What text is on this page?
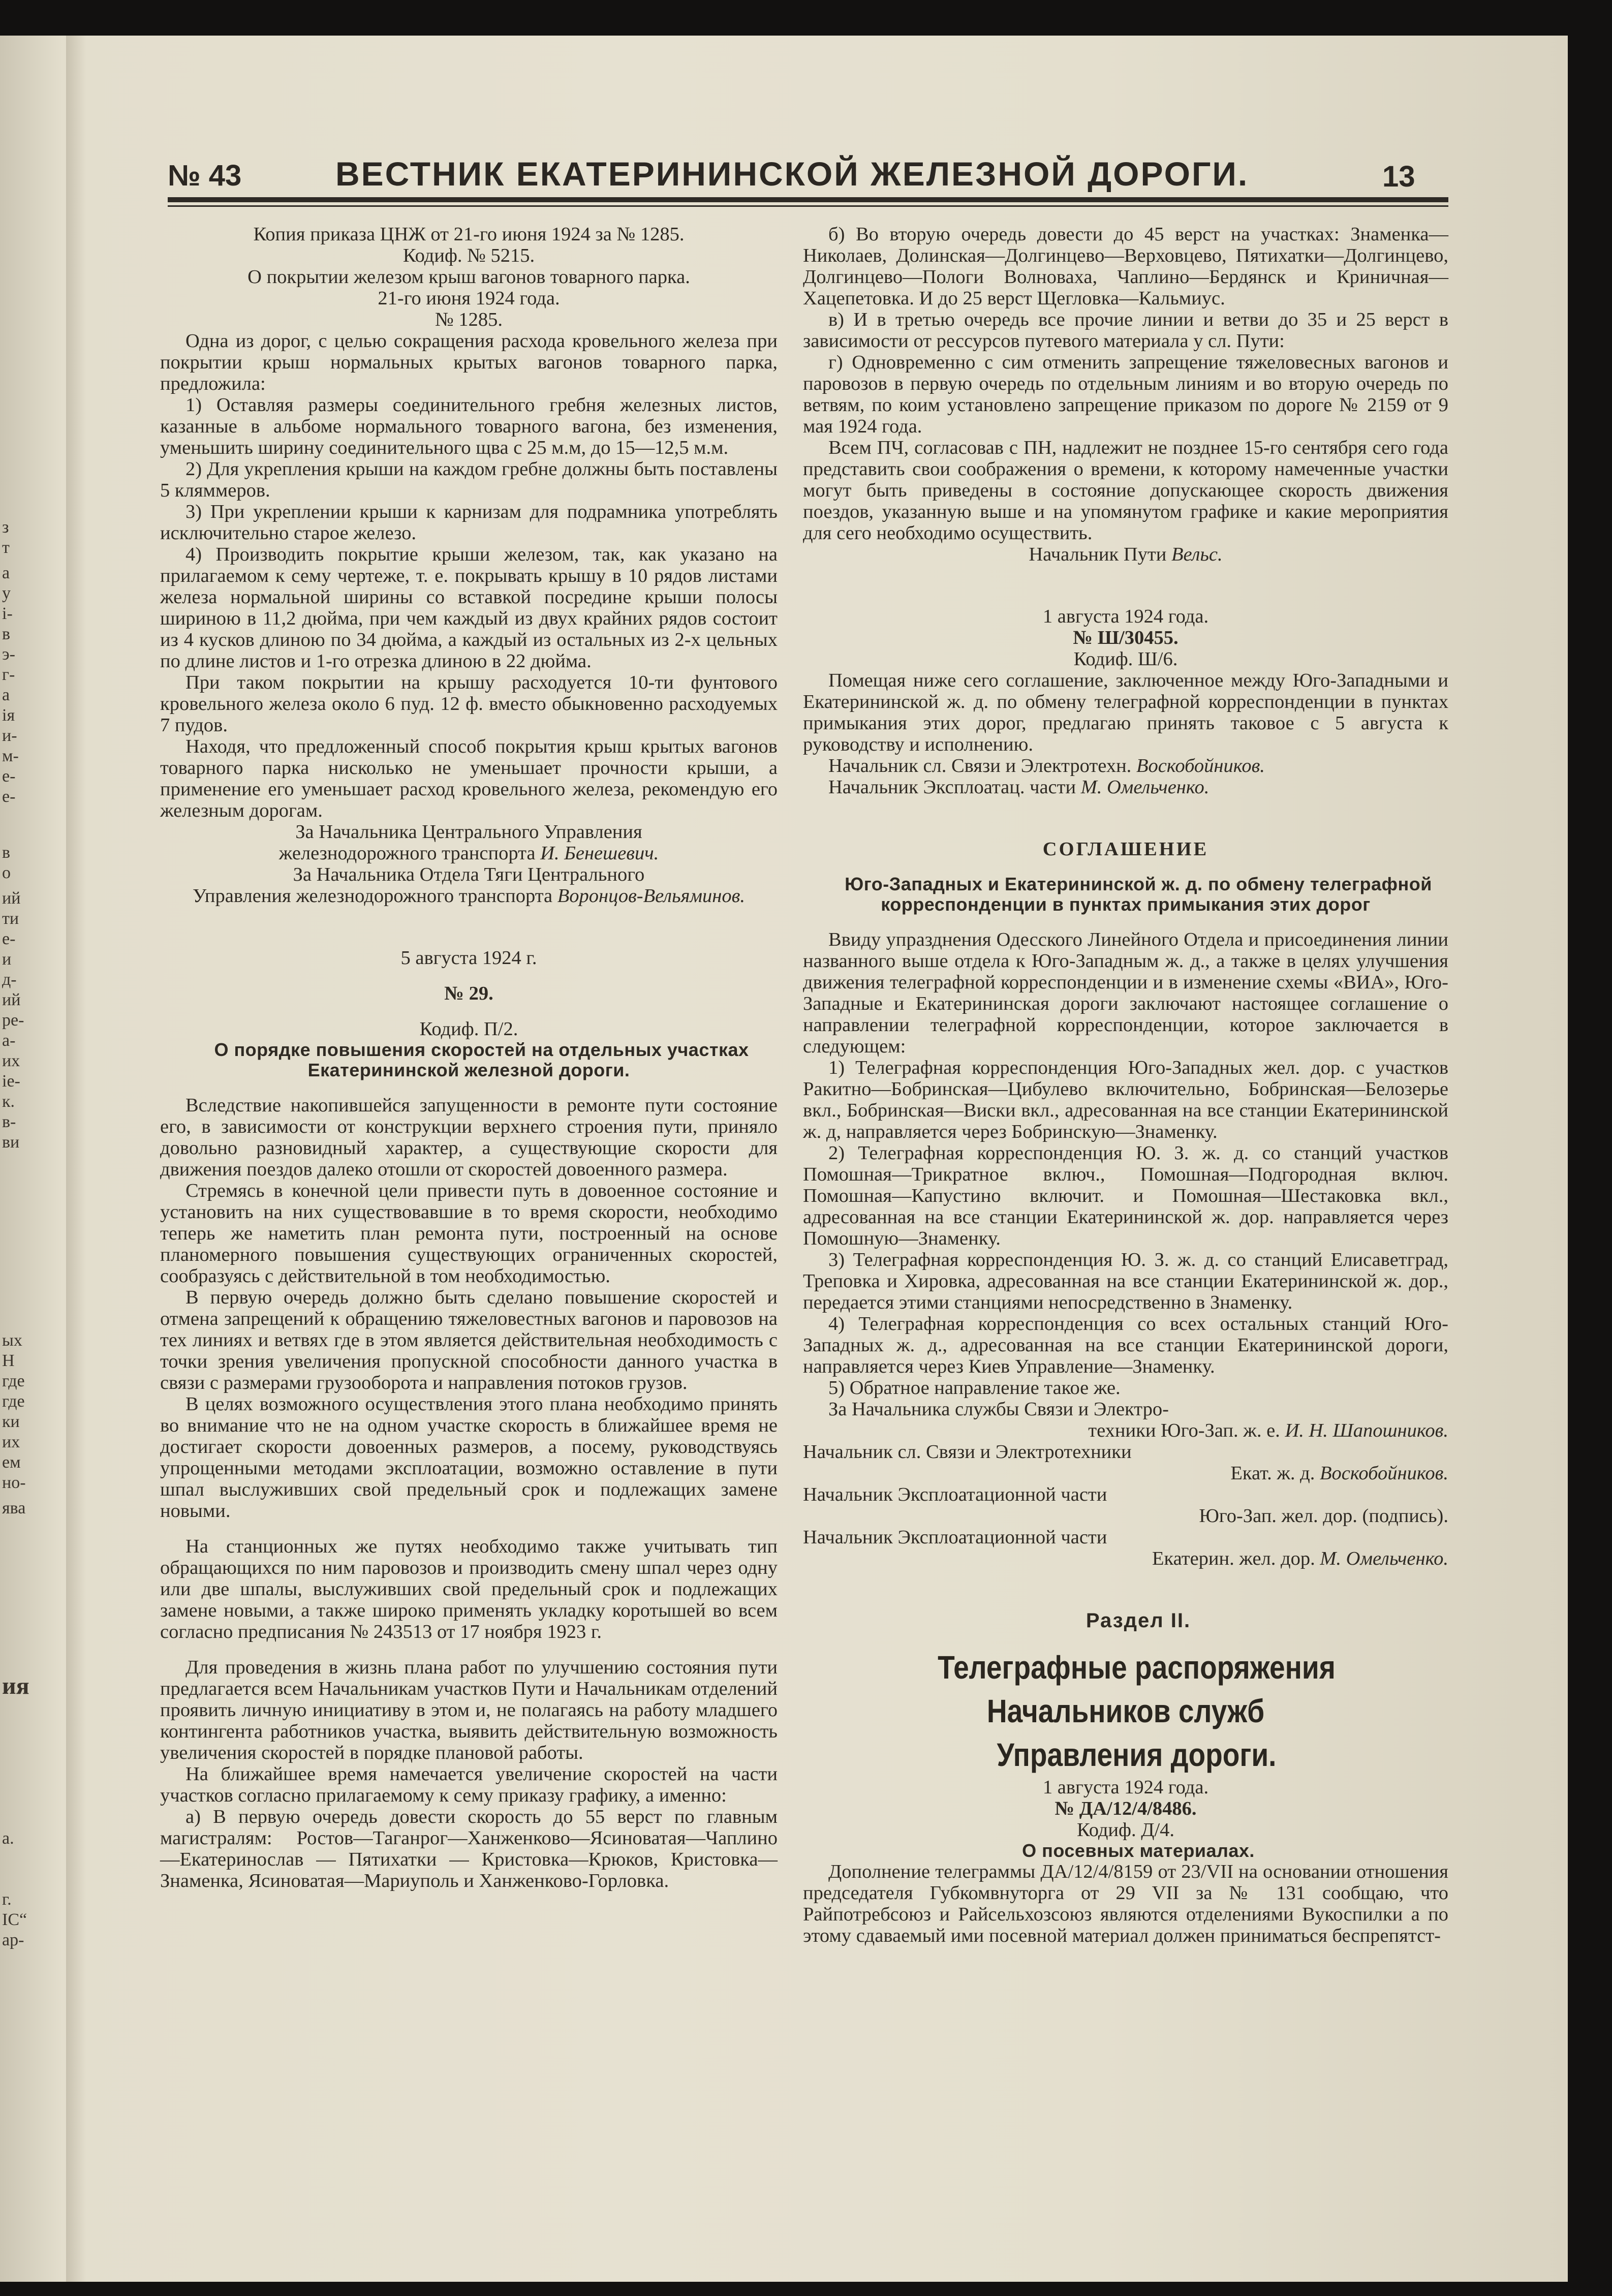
з
т
а
у
і-
в
э-
г-
а
ія
и-
м-
е-
е-
в
о
ий
ти
е-
и
д-
ий
ре-
а-
их
іе-
к.
в-
ви
ых
Н
где
где
ки
их
ем
но-
ява
ия
а.
г.
IС“
ар-
№ 43	ВЕСТНИК ЕКАТЕРИНИНСКОЙ ЖЕЛЕЗНОЙ ДОРОГИ.	13

Копия приказа ЦНЖ от 21-го июня 1924 за № 1285.

Кодиф. № 5215.

О покрытии железом крыш вагонов товарного парка.

21-го июня 1924 года.

№ 1285.

Одна из дорог, с целью сокращения расхода кровельного железа при покрытии крыш нормальных крытых вагонов товарного парка, предложила:

1) Оставляя размеры соединительного гребня железных листов, казанные в альбоме нормального товарного вагона, без изменения, уменьшить ширину соединительного щва с 25 м.м, до 15—12,5 м.м.

2) Для укрепления крыши на каждом гребне должны быть поставлены 5 кляммеров.

3) При укреплении крыши к карнизам для подрамника употреблять исключительно старое железо.

4) Производить покрытие крыши железом, так, как указано на прилагаемом к сему чертеже, т. е. покрывать крышу в 10 рядов листами железа нормальной ширины со вставкой посредине крыши полосы шириною в 11,2 дюйма, при чем каждый из двух крайних рядов состоит из 4 кусков длиною по 34 дюйма, а каждый из остальных из 2-х цельных по длине листов и 1-го отрезка длиною в 22 дюйма.

При таком покрытии на крышу расходуется 10-ти фунтового кровельного железа около 6 пуд. 12 ф. вместо обыкновенно расходуемых 7 пудов.

Находя, что предложенный способ покрытия крыш крытых вагонов товарного парка нисколько не уменьшает прочности крыши, а применение его уменьшает расход кровельного железа, рекомендую его железным дорогам.

За Начальника Центрального Управления

железнодорожного транспорта И. Бенешевич.

За Начальника Отдела Тяги Центрального

Управления железнодорожного транспорта Воронцов-Вельяминов.

5 августа 1924 г.

№ 29.

Кодиф. П/2.

О порядке повышения скоростей на отдельных участках Екатерининской железной дороги.

Вследствие накопившейся запущенности в ремонте пути состояние его, в зависимости от конструкции верхнего строения пути, приняло довольно разновидный характер, а существующие скорости для движения поездов далеко отошли от скоростей довоенного размера.

Стремясь в конечной цели привести путь в довоенное состояние и установить на них существовавшие в то время скорости, необходимо теперь же наметить план ремонта пути, построенный на основе планомерного повышения существующих ограниченных скоростей, сообразуясь с действительной в том необходимостью.

В первую очередь должно быть сделано повышение скоростей и отмена запрещений к обращению тяжеловестных вагонов и паровозов на тех линиях и ветвях где в этом является действительная необходимость с точки зрения увеличения пропускной способности данного участка в связи с размерами грузооборота и направления потоков грузов.

В целях возможного осуществления этого плана необходимо принять во внимание что не на одном участке скорость в ближайшее время не достигает скорости довоенных размеров, а посему, руководствуясь упрощенными методами эксплоатации, возможно оставление в пути шпал выслуживших свой предельный срок и подлежащих замене новыми.

На станционных же путях необходимо также учитывать тип обращающихся по ним паровозов и производить смену шпал через одну или две шпалы, выслуживших свой предельный срок и подлежащих замене новыми, а также широко применять укладку коротышей во всем согласно предписания № 243513 от 17 ноября 1923 г.

Для проведения в жизнь плана работ по улучшению состояния пути предлагается всем Начальникам участков Пути и Начальникам отделений проявить личную инициативу в этом и, не полагаясь на работу младшего контингента работников участка, выявить действительную возможность увеличения скоростей в порядке плановой работы.

На ближайшее время намечается увеличение скоростей на части участков согласно прилагаемому к сему приказу графику, а именно:

а) В первую очередь довести скорость до 55 верст по главным магистралям: Ростов—Таганрог—Ханженково—Ясиноватая—Чаплино—Екатеринослав — Пятихатки — Кристовка—Крюков, Кристовка—Знаменка, Ясиноватая—Мариуполь и Ханженково-Горловка.

б) Во вторую очередь довести до 45 верст на участках: Знаменка—Николаев, Долинская—Долгинцево—Верховцево, Пятихатки—Долгинцево, Долгинцево—Пологи Волноваха, Чаплино—Бердянск и Криничная—Хацепетовка. И до 25 верст Щегловка—Кальмиус.

в) И в третью очередь все прочие линии и ветви до 35 и 25 верст в зависимости от рессурсов путевого материала у сл. Пути:

г) Одновременно с сим отменить запрещение тяжеловесных вагонов и паровозов в первую очередь по отдельным линиям и во вторую очередь по ветвям, по коим установлено запрещение приказом по дороге № 2159 от 9 мая 1924 года.

Всем ПЧ, согласовав с ПН, надлежит не позднее 15-го сентября сего года представить свои соображения о времени, к которому намеченные участки могут быть приведены в состояние допускающее скорость движения поездов, указанную выше и на упомянутом графике и какие мероприятия для сего необходимо осуществить.

Начальник Пути Вельс.

1 августа 1924 года.

№ Ш/30455.

Кодиф. Ш/6.

Помещая ниже сего соглашение, заключенное между Юго-Западными и Екатерининской ж. д. по обмену телеграфной корреспонденции в пунктах примыкания этих дорог, предлагаю принять таковое с 5 августа к руководству и исполнению.

Начальник сл. Связи и Электротехн. Воскобойников.

Начальник Эксплоатац. части М. Омельченко.

СОГЛАШЕНИЕ

Юго-Западных и Екатерининской ж. д. по обмену телеграфной корреспонденции в пунктах примыкания этих дорог

Ввиду упразднения Одесского Линейного Отдела и присоединения линии названного выше отдела к Юго-Западным ж. д., а также в целях улучшения движения телеграфной корреспонденции и в изменение схемы «ВИА», Юго-Западные и Екатерининская дороги заключают настоящее соглашение о направлении телеграфной корреспонденции, которое заключается в следующем:

1) Телеграфная корреспонденция Юго-Западных жел. дор. с участков Ракитно—Бобринская—Цибулево включительно, Бобринская—Белозерье вкл., Бобринская—Виски вкл., адресованная на все станции Екатерининской ж. д, направляется через Бобринскую—Знаменку.

2) Телеграфная корреспонденция Ю. З. ж. д. со станций участков Помошная—Трикратное включ., Помошная—Подгородная включ. Помошная—Капустино включит. и Помошная—Шестаковка вкл., адресованная на все станции Екатерининской ж. дор. направляется через Помошную—Знаменку.

3) Телеграфная корреспонденция Ю. З. ж. д. со станций Елисаветград, Треповка и Хировка, адресованная на все станции Екатерининской ж. дор., передается этими станциями непосредственно в Знаменку.

4) Телеграфная корреспонденция со всех остальных станций Юго-Западных ж. д., адресованная на все станции Екатерининской дороги, направляется через Киев Управление—Знаменку.

5) Обратное направление такое же.

За Начальника службы Связи и Электро-

техники Юго-Зап. ж. е. И. Н. Шапошников.

Начальник сл. Связи и Электротехники

Екат. ж. д. Воскобойников.

Начальник Эксплоатационной части

Юго-Зап. жел. дор. (подпись).

Начальник Эксплоатационной части

Екатерин. жел. дор. М. Омельченко.

Раздел II.

Телеграфные распоряжения Начальников служб

Управления дороги.

1 августа 1924 года.

№ ДА/12/4/8486.

Кодиф. Д/4.

О посевных материалах.

Дополнение телеграммы ДА/12/4/8159 от 23/VII на основании отношения председателя Губкомвнуторга от 29 VII за № 131 сообщаю, что Райпотребсоюз и Райсельхозсоюз являются отделениями Вукоспилки а по этому сдаваемый ими посевной материал должен приниматься беспрепятст-
